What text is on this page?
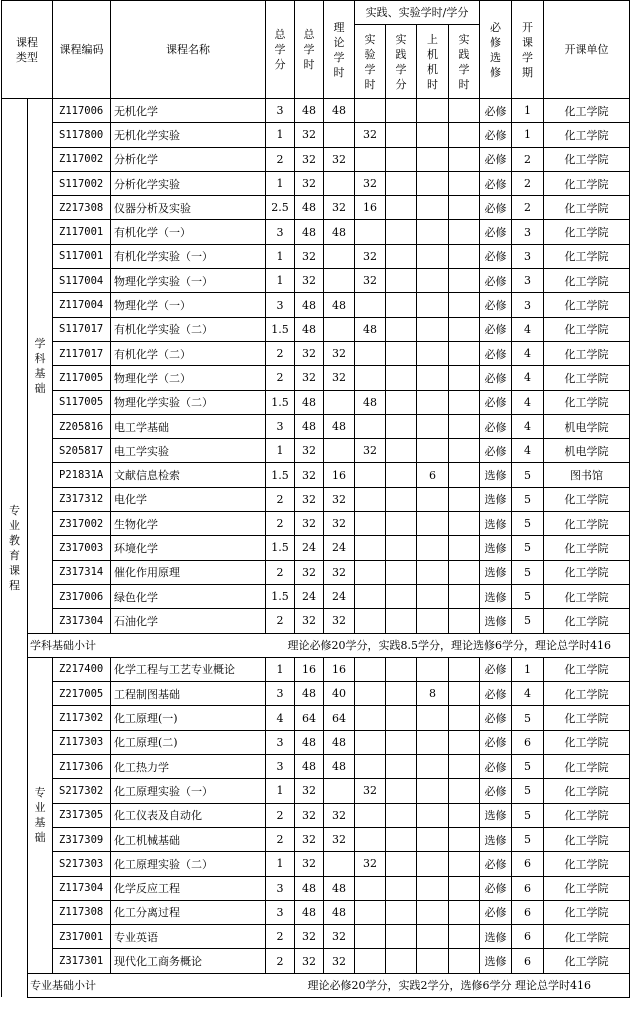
课程类型		课程编码	课程名称	总学分	总学时	理论学时	实践、实验学时/学分				必修选修	开课学期	开课单位
							实验学时	实践学分	上机机时	实践学时			
专业教育课程	学科基础	Z117006	无机化学	3	48	48					必修	1	化工学院
		S117800	无机化学实验	1	32		32				必修	1	化工学院
		Z117002	分析化学	2	32	32					必修	2	化工学院
		S117002	分析化学实验	1	32		32				必修	2	化工学院
		Z217308	仪器分析及实验	2.5	48	32	16				必修	2	化工学院
		Z117001	有机化学（一）	3	48	48					必修	3	化工学院
		S117001	有机化学实验（一）	1	32		32				必修	3	化工学院
		S117004	物理化学实验（一）	1	32		32				必修	3	化工学院
		Z117004	物理化学（一）	3	48	48					必修	3	化工学院
		S117017	有机化学实验（二）	1.5	48		48				必修	4	化工学院
		Z117017	有机化学（二）	2	32	32					必修	4	化工学院
		Z117005	物理化学（二）	2	32	32					必修	4	化工学院
		S117005	物理化学实验（二）	1.5	48		48				必修	4	化工学院
		Z205816	电工学基础	3	48	48					必修	4	机电学院
		S205817	电工学实验	1	32		32				必修	4	机电学院
		P21831A	文献信息检索	1.5	32	16			6		选修	5	图书馆
		Z317312	电化学	2	32	32					选修	5	化工学院
		Z317002	生物化学	2	32	32					选修	5	化工学院
		Z317003	环境化学	1.5	24	24					选修	5	化工学院
		Z317314	催化作用原理	2	32	32					选修	5	化工学院
		Z317006	绿色化学	1.5	24	24					选修	5	化工学院
		Z317304	石油化学	2	32	32					选修	5	化工学院
	学科基础小计			理论必修20学分，实践8.5学分，理论选修6学分，理论总学时416									
	专业基础	Z217400	化学工程与工艺专业概论	1	16	16					必修	1	化工学院
		Z217005	工程制图基础	3	48	40			8		必修	4	化工学院
		Z117302	化工原理(一)	4	64	64					必修	5	化工学院
		Z117303	化工原理(二)	3	48	48					必修	6	化工学院
		Z117306	化工热力学	3	48	48					必修	5	化工学院
		S217302	化工原理实验（一）	1	32		32				必修	5	化工学院
		Z317305	化工仪表及自动化	2	32	32					选修	5	化工学院
		Z317309	化工机械基础	2	32	32					选修	5	化工学院
		S217303	化工原理实验（二）	1	32		32				必修	6	化工学院
		Z117304	化学反应工程	3	48	48					必修	6	化工学院
		Z117308	化工分离过程	3	48	48					必修	6	化工学院
		Z317001	专业英语	2	32	32					选修	6	化工学院
		Z317301	现代化工商务概论	2	32	32					选修	6	化工学院
	专业基础小计			理论必修20学分，实践2学分，选修6学分 理论总学时416									
